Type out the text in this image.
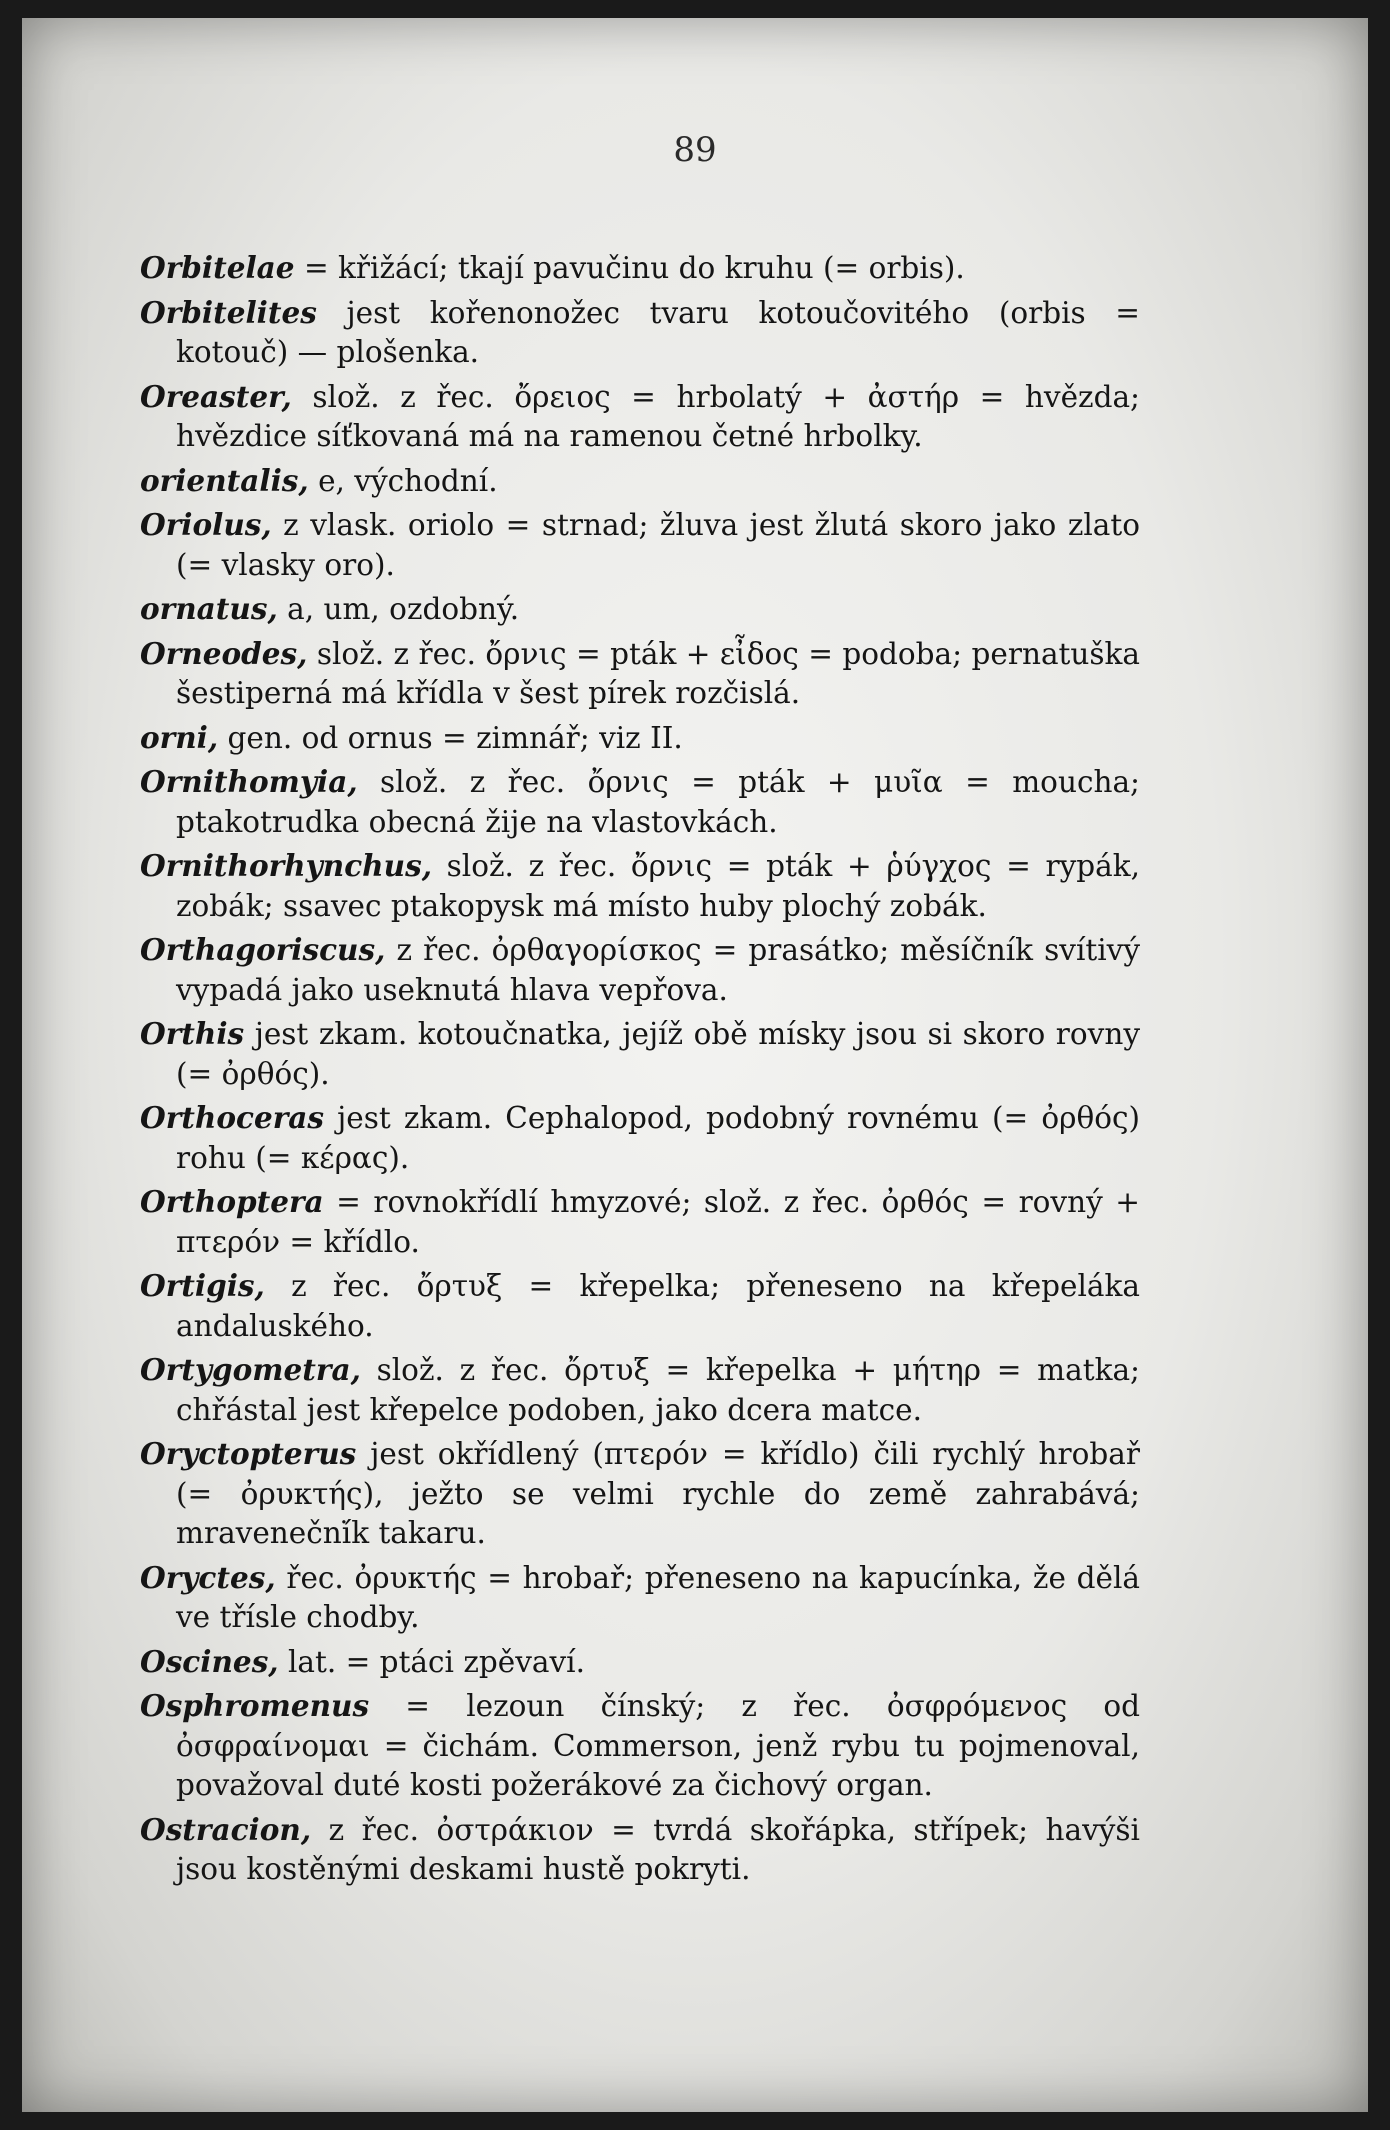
89

Orbitelae = křižácí; tkají pavučinu do kruhu (= orbis).

Orbitelites jest kořenonožec tvaru kotoučovitého (orbis = kotouč) — plošenka.

Oreaster, slož. z řec. ὄρειος = hrbolatý + ἀστήρ = hvězda; hvězdice síťkovaná má na ramenou četné hrbolky.

orientalis, e, východní.

Oriolus, z vlask. oriolo = strnad; žluva jest žlutá skoro jako zlato (= vlasky oro).

ornatus, a, um, ozdobný.

Orneodes, slož. z řec. ὄρνις = pták + εἶδος = podoba; pernatuška šestiperná má křídla v šest pírek rozčislá.

orni, gen. od ornus = zimnář; viz II.

Ornithomyia, slož. z řec. ὄρνις = pták + μυῖα = moucha; ptakotrudka obecná žije na vlastovkách.

Ornithorhynchus, slož. z řec. ὄρνις = pták + ῥύγχος = rypák, zobák; ssavec ptakopysk má místo huby plochý zobák.

Orthagoriscus, z řec. ὀρθαγορίσκος = prasátko; měsíčník svítivý vypadá jako useknutá hlava vepřova.

Orthis jest zkam. kotoučnatka, jejíž obě mísky jsou si skoro rovny (= ὀρθός).

Orthoceras jest zkam. Cephalopod, podobný rovnému (= ὀρθός) rohu (= κέρας).

Orthoptera = rovnokřídlí hmyzové; slož. z řec. ὀρθός = rovný + πτερόν = křídlo.

Ortigis, z řec. ὄρτυξ = křepelka; přeneseno na křepeláka andaluského.

Ortygometra, slož. z řec. ὄρτυξ = křepelka + μήτηρ = matka; chřástal jest křepelce podoben, jako dcera matce.

Oryctopterus jest okřídlený (πτερόν = křídlo) čili rychlý hrobař (= ὀρυκτής), ježto se velmi rychle do země zahrabává; mraveneční̇k takaru.

Oryctes, řec. ὀρυκτής = hrobař; přeneseno na kapucínka, že dělá ve třísle chodby.

Oscines, lat. = ptáci zpěvaví.

Osphromenus = lezoun čínský; z řec. ὀσφρόμενος od ὀσφραίνομαι = čichám. Commerson, jenž rybu tu pojmenoval, považoval duté kosti požerákové za čichový organ.

Ostracion, z řec. ὀστράκιον = tvrdá skořápka, střípek; havýši jsou kostěnými deskami hustě pokryti.
